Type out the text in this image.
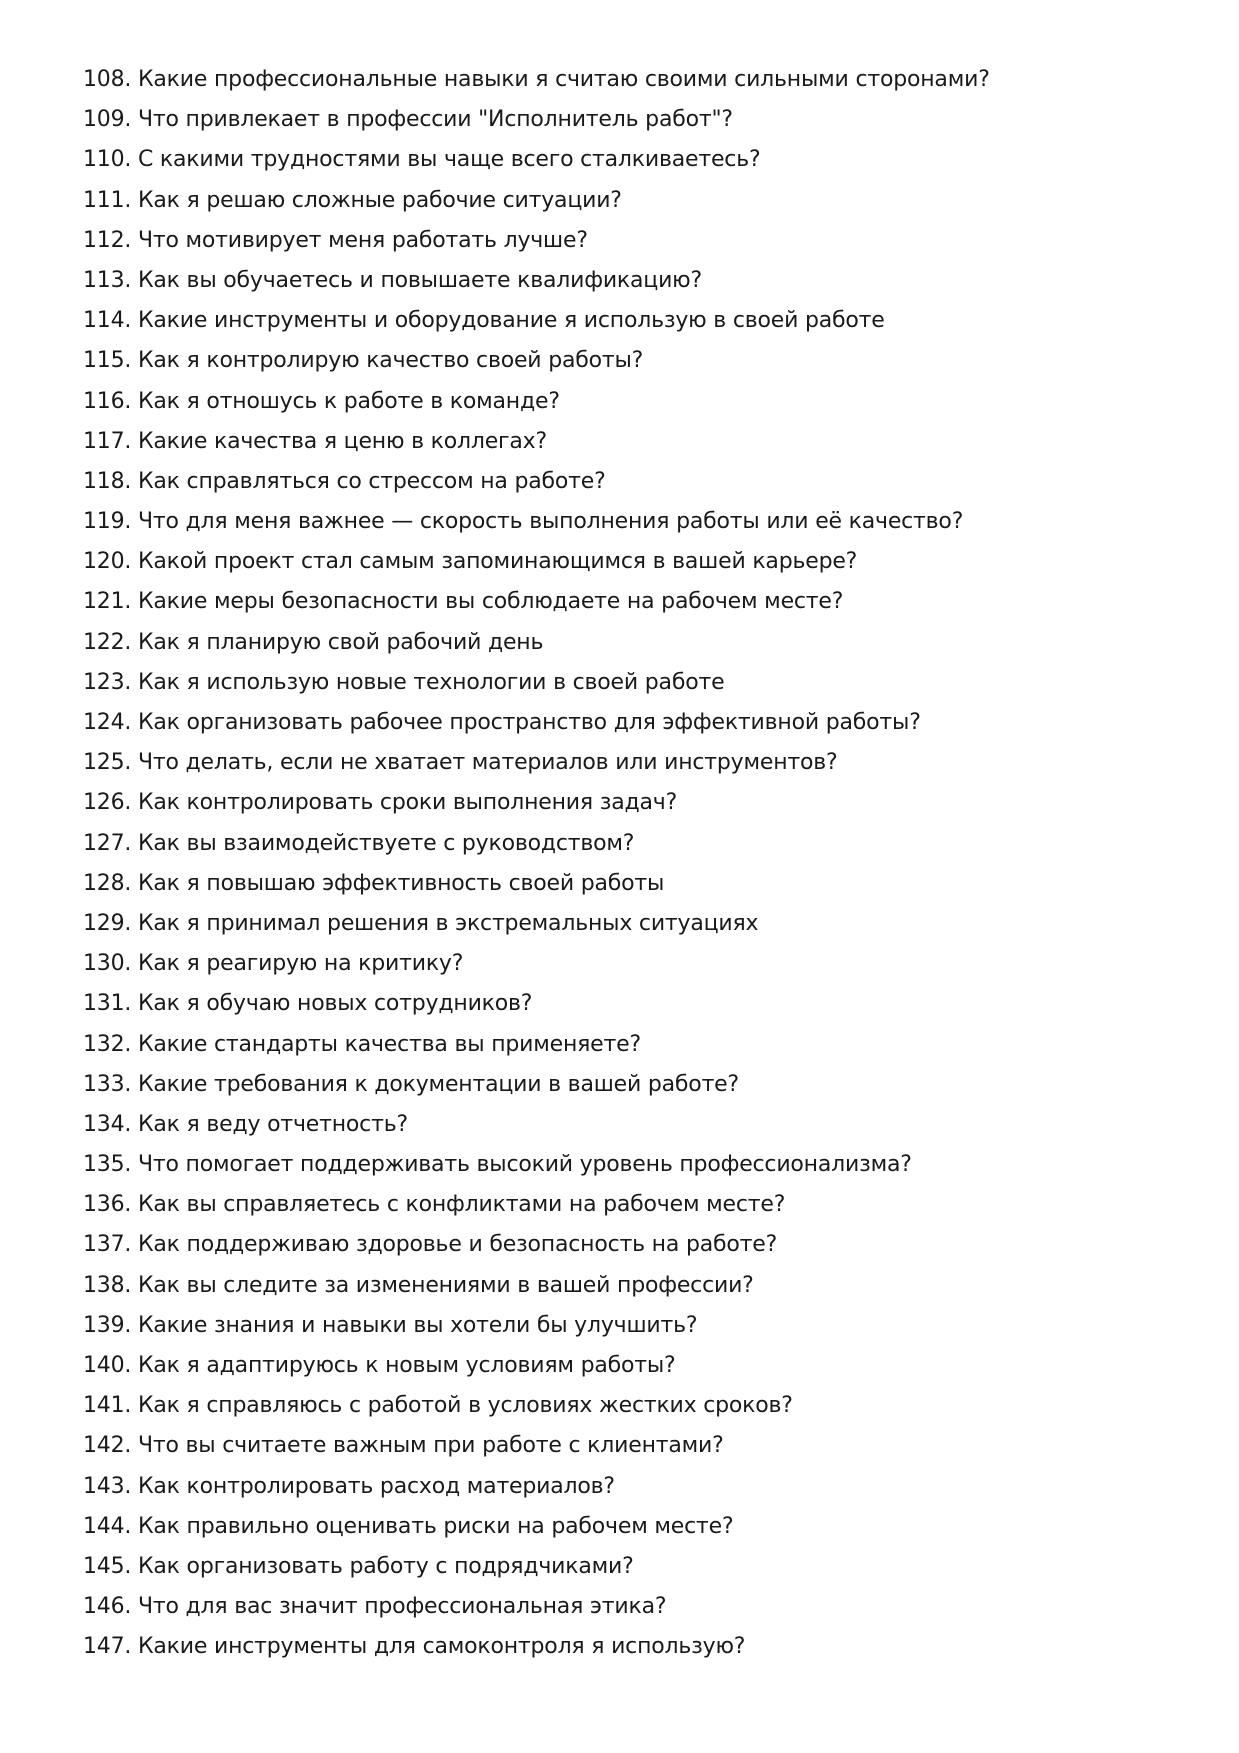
108. Какие профессиональные навыки я считаю своими сильными сторонами?
109. Что привлекает в профессии "Исполнитель работ"?
110. С какими трудностями вы чаще всего сталкиваетесь?
111. Как я решаю сложные рабочие ситуации?
112. Что мотивирует меня работать лучше?
113. Как вы обучаетесь и повышаете квалификацию?
114. Какие инструменты и оборудование я использую в своей работе
115. Как я контролирую качество своей работы?
116. Как я отношусь к работе в команде?
117. Какие качества я ценю в коллегах?
118. Как справляться со стрессом на работе?
119. Что для меня важнее — скорость выполнения работы или её качество?
120. Какой проект стал самым запоминающимся в вашей карьере?
121. Какие меры безопасности вы соблюдаете на рабочем месте?
122. Как я планирую свой рабочий день
123. Как я использую новые технологии в своей работе
124. Как организовать рабочее пространство для эффективной работы?
125. Что делать, если не хватает материалов или инструментов?
126. Как контролировать сроки выполнения задач?
127. Как вы взаимодействуете с руководством?
128. Как я повышаю эффективность своей работы
129. Как я принимал решения в экстремальных ситуациях
130. Как я реагирую на критику?
131. Как я обучаю новых сотрудников?
132. Какие стандарты качества вы применяете?
133. Какие требования к документации в вашей работе?
134. Как я веду отчетность?
135. Что помогает поддерживать высокий уровень профессионализма?
136. Как вы справляетесь с конфликтами на рабочем месте?
137. Как поддерживаю здоровье и безопасность на работе?
138. Как вы следите за изменениями в вашей профессии?
139. Какие знания и навыки вы хотели бы улучшить?
140. Как я адаптируюсь к новым условиям работы?
141. Как я справляюсь с работой в условиях жестких сроков?
142. Что вы считаете важным при работе с клиентами?
143. Как контролировать расход материалов?
144. Как правильно оценивать риски на рабочем месте?
145. Как организовать работу с подрядчиками?
146. Что для вас значит профессиональная этика?
147. Какие инструменты для самоконтроля я использую?
